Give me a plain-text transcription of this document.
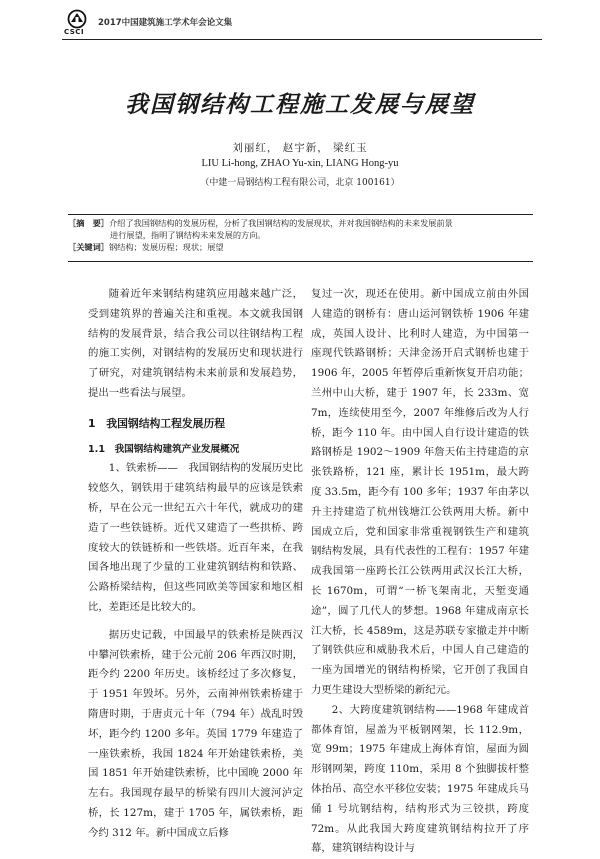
CSCI
2017中国建筑施工学术年会论文集
我国钢结构工程施工发展与展望
刘丽红， 赵宇新， 梁红玉
LIU Li-hong, ZHAO Yu-xin, LIANG Hong-yu
（中建一局钢结构工程有限公司，北京 100161）
［摘　要］介绍了我国钢结构的发展历程，分析了我国钢结构的发展现状，并对我国钢结构的未来发展前景
进行展望，指明了钢结构未来发展的方向。
［关键词］钢结构；发展历程；现状；展望

随着近年来钢结构建筑应用越来越广泛，受到建筑界的普遍关注和重视。本文就我国钢结构的发展背景，结合我公司以往钢结构工程的施工实例，对钢结构的发展历史和现状进行了研究，对建筑钢结构未来前景和发展趋势，提出一些看法与展望。

1　我国钢结构工程发展历程
1.1　我国钢结构建筑产业发展概况

1、铁索桥——　我国钢结构的发展历史比较悠久，钢铁用于建筑结构最早的应该是铁索桥，早在公元一世纪五六十年代，就成功的建造了一些铁链桥。近代又建造了一些拱桥、跨度较大的铁链桥和一些铁塔。近百年来，在我国各地出现了少量的工业建筑钢结构和铁路、公路桥梁结构，但这些同欧美等国家和地区相比，差距还是比较大的。

据历史记载，中国最早的铁索桥是陕西汉中攀河铁索桥，建于公元前 206 年西汉时期，距今约 2200 年历史。该桥经过了多次修复，于 1951 年毁坏。另外，云南神州铁索桥建于隋唐时期，于唐贞元十年（794 年）战乱时毁坏，距今约 1200 多年。英国 1779 年建造了一座铁索桥，我国 1824 年开始建铁索桥，美国 1851 年开始建铁索桥，比中国晚 2000 年左右。我国现存最早的桥梁有四川大渡河泸定桥，长 127m，建于 1705 年，属铁索桥，距今约 312 年。新中国成立后修

复过一次，现还在使用。新中国成立前由外国人建造的钢桥有：唐山运河钢铁桥 1906 年建成，英国人设计、比利时人建造，为中国第一座现代铁路钢桥；天津金汤开启式钢桥也建于 1906 年，2005 年暂停后重新恢复开启功能；兰州中山大桥，建于 1907 年，长 233m、宽 7m，连续使用至今，2007 年维修后改为人行桥，距今 110 年。由中国人自行设计建造的铁路钢桥是 1902～1909 年詹天佑主持建造的京张铁路桥，121 座，累计长 1951m，最大跨度 33.5m，距今有 100 多年；1937 年由茅以升主持建造了杭州钱塘江公铁两用大桥。新中国成立后，党和国家非常重视钢铁生产和建筑钢结构发展，具有代表性的工程有：1957 年建成我国第一座跨长江公铁两用武汉长江大桥，长 1670m，可谓“一桥飞架南北，天堑变通途”，圆了几代人的梦想。1968 年建成南京长江大桥，长 4589m，这是苏联专家撤走并中断了钢铁供应和威胁我术后，中国人自己建造的一座为国增光的钢结构桥梁，它开创了我国自力更生建设大型桥梁的新纪元。

2、大跨度建筑钢结构——1968 年建成首都体育馆，屋盖为平板钢网架，长 112.9m，宽 99m；1975 年建成上海体育馆，屋面为圆形钢网架，跨度 110m，采用 8 个独脚拔杆整体抬吊、高空水平移位安装；1975 年建成兵马俑 1 号坑钢结构，结构形式为三铰拱，跨度 72m。从此我国大跨度建筑钢结构拉开了序幕，建筑钢结构设计与
